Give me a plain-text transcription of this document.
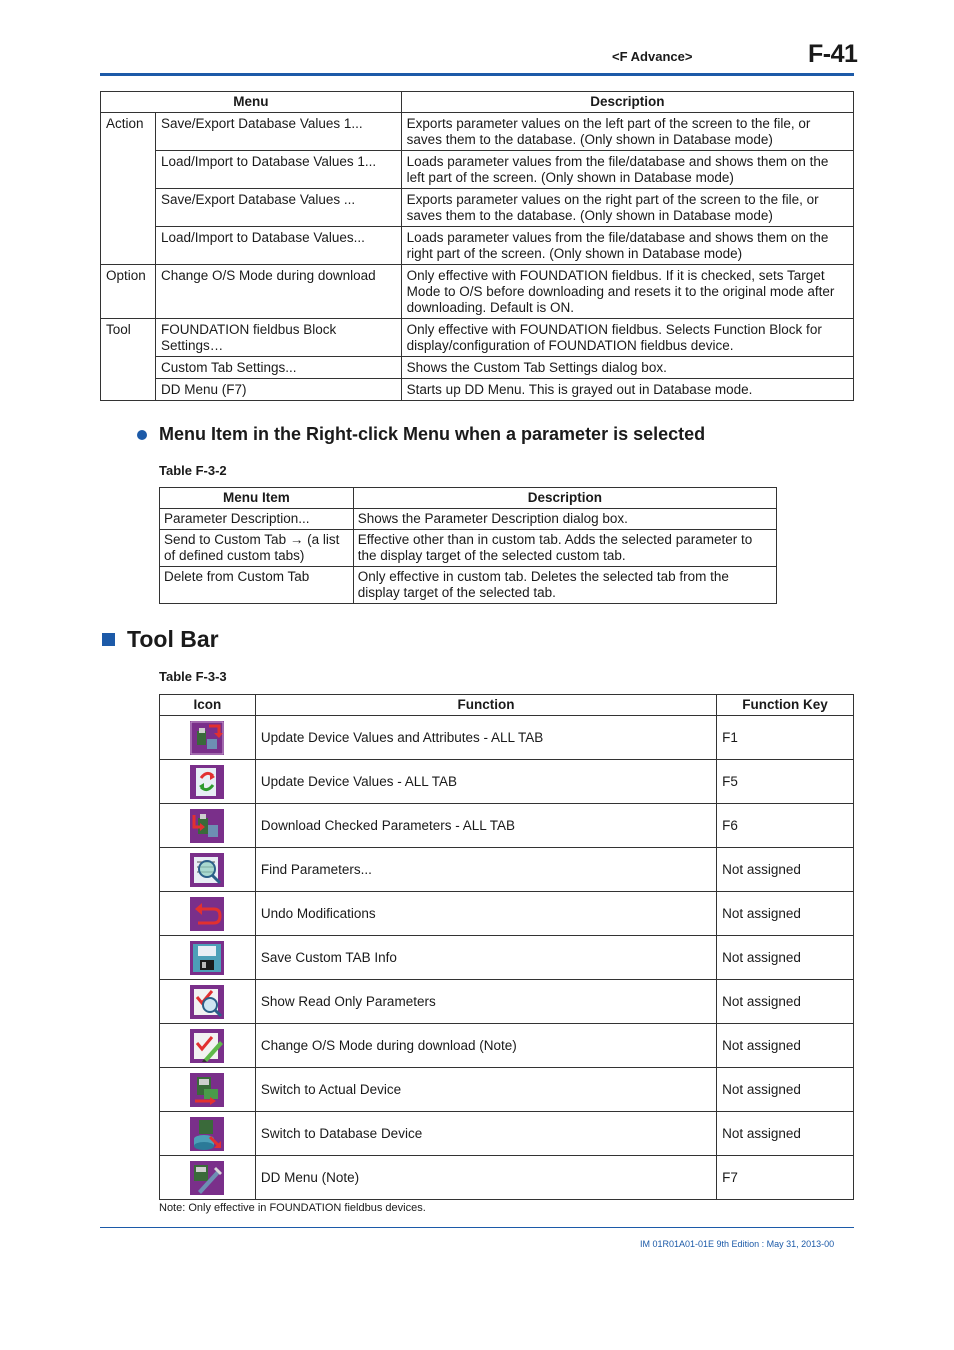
<F Advance>	F-41
Menu		Description
Action	Save/Export Database Values 1...	Exports parameter values on the left part of the screen to the file, or saves them to the database. (Only shown in Database mode)
	Load/Import to Database Values 1...	Loads parameter values from the file/database and shows them on the left part of the screen. (Only shown in Database mode)
	Save/Export Database Values ...	Exports parameter values on the right part of the screen to the file, or saves them to the database. (Only shown in Database mode)
	Load/Import to Database Values...	Loads parameter values from the file/database and shows them on the right part of the screen. (Only shown in Database mode)
Option	Change O/S Mode during download	Only effective with FOUNDATION fieldbus. If it is checked, sets Target Mode to O/S before downloading and resets it to the original mode after downloading. Default is ON.
Tool	FOUNDATION fieldbus Block Settings…	Only effective with FOUNDATION fieldbus. Selects Function Block for display/configuration of FOUNDATION fieldbus device.
	Custom Tab Settings...	Shows the Custom Tab Settings dialog box.
	DD Menu (F7)	Starts up DD Menu. This is grayed out in Database mode.
Menu Item in the Right-click Menu when a parameter is selected
Table F-3-2
Menu Item	Description
Parameter Description...	Shows the Parameter Description dialog box.
Send to Custom Tab → (a list of defined custom tabs)	Effective other than in custom tab. Adds the selected parameter to the display target of the selected custom tab.
Delete from Custom Tab	Only effective in custom tab. Deletes the selected tab from the display target of the selected tab.
Tool Bar
Table F-3-3
Icon	Function	Function Key
	Update Device Values and Attributes - ALL TAB	F1
	Update Device Values - ALL TAB	F5
	Download Checked Parameters - ALL TAB	F6
	Find Parameters...	Not assigned
	Undo Modifications	Not assigned
	Save Custom TAB Info	Not assigned
	Show Read Only Parameters	Not assigned
	Change O/S Mode during download (Note)	Not assigned
	Switch to Actual Device	Not assigned
	Switch to Database Device	Not assigned
	DD Menu (Note)	F7
Note: Only effective in FOUNDATION fieldbus devices.
IM 01R01A01-01E 9th Edition : May 31, 2013-00
